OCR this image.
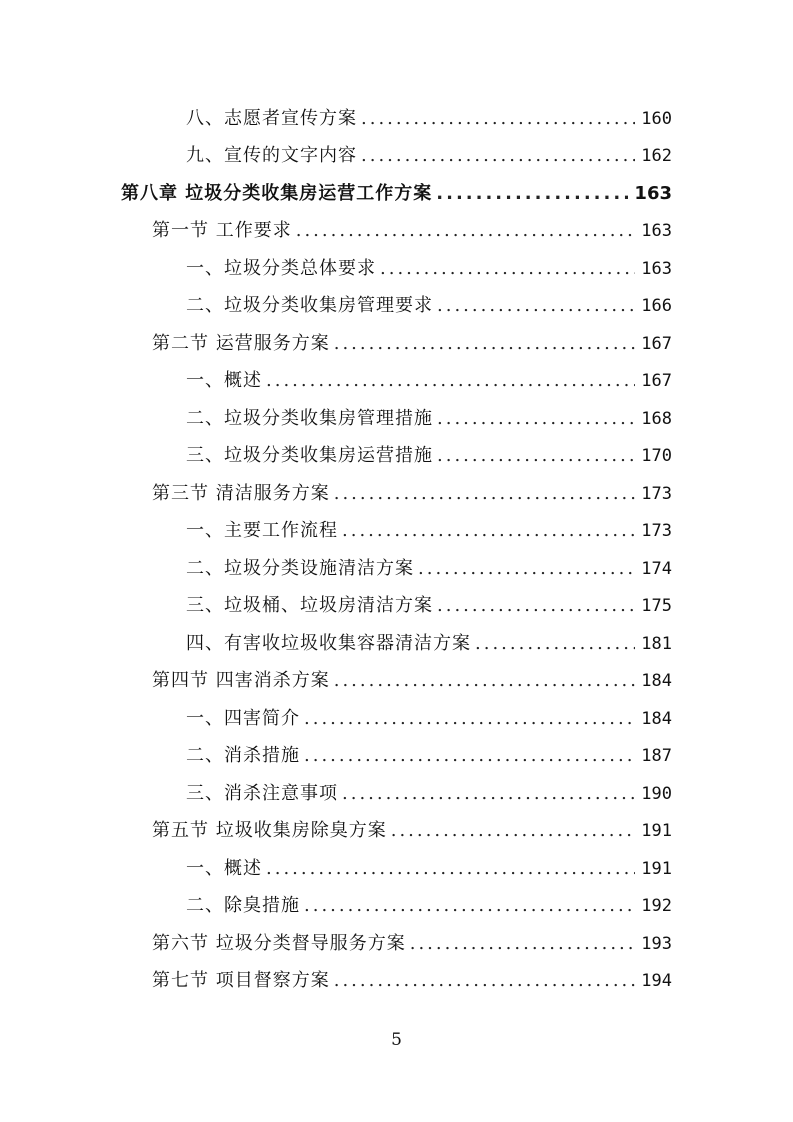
八、志愿者宣传方案 .....	160
九、宣传的文字内容 .....	162
第八章 垃圾分类收集房运营工作方案 .....	163
第一节 工作要求 .....	163
一、垃圾分类总体要求 .....	163
二、垃圾分类收集房管理要求 .....	166
第二节 运营服务方案 .....	167
一、概述 .....	167
二、垃圾分类收集房管理措施 .....	168
三、垃圾分类收集房运营措施 .....	170
第三节 清洁服务方案 .....	173
一、主要工作流程 .....	173
二、垃圾分类设施清洁方案 .....	174
三、垃圾桶、垃圾房清洁方案 .....	175
四、有害收垃圾收集容器清洁方案 .....	181
第四节 四害消杀方案 .....	184
一、四害简介 .....	184
二、消杀措施 .....	187
三、消杀注意事项 .....	190
第五节 垃圾收集房除臭方案 .....	191
一、概述 .....	191
二、除臭措施 .....	192
第六节 垃圾分类督导服务方案 .....	193
第七节 项目督察方案 .....	194
5
